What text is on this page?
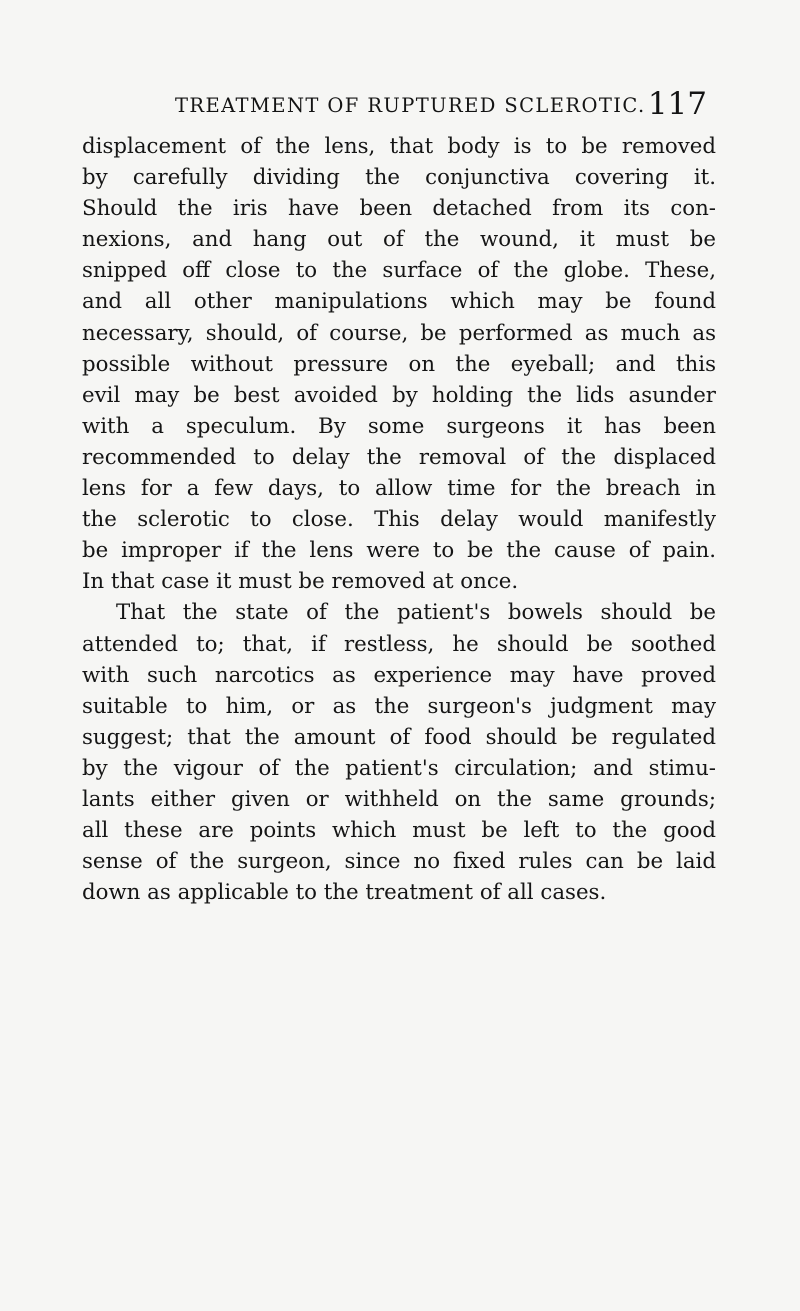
TREATMENT OF RUPTURED SCLEROTIC. 117
displacement of the lens, that body is to be removed
by carefully dividing the conjunctiva covering it.
Should the iris have been detached from its con-
nexions, and hang out of the wound, it must be
snipped off close to the surface of the globe. These,
and all other manipulations which may be found
necessary, should, of course, be performed as much as
possible without pressure on the eyeball; and this
evil may be best avoided by holding the lids asunder
with a speculum. By some surgeons it has been
recommended to delay the removal of the displaced
lens for a few days, to allow time for the breach in
the sclerotic to close. This delay would manifestly
be improper if the lens were to be the cause of pain.
In that case it must be removed at once.
That the state of the patient's bowels should be
attended to; that, if restless, he should be soothed
with such narcotics as experience may have proved
suitable to him, or as the surgeon's judgment may
suggest; that the amount of food should be regulated
by the vigour of the patient's circulation; and stimu-
lants either given or withheld on the same grounds;
all these are points which must be left to the good
sense of the surgeon, since no fixed rules can be laid
down as applicable to the treatment of all cases.
